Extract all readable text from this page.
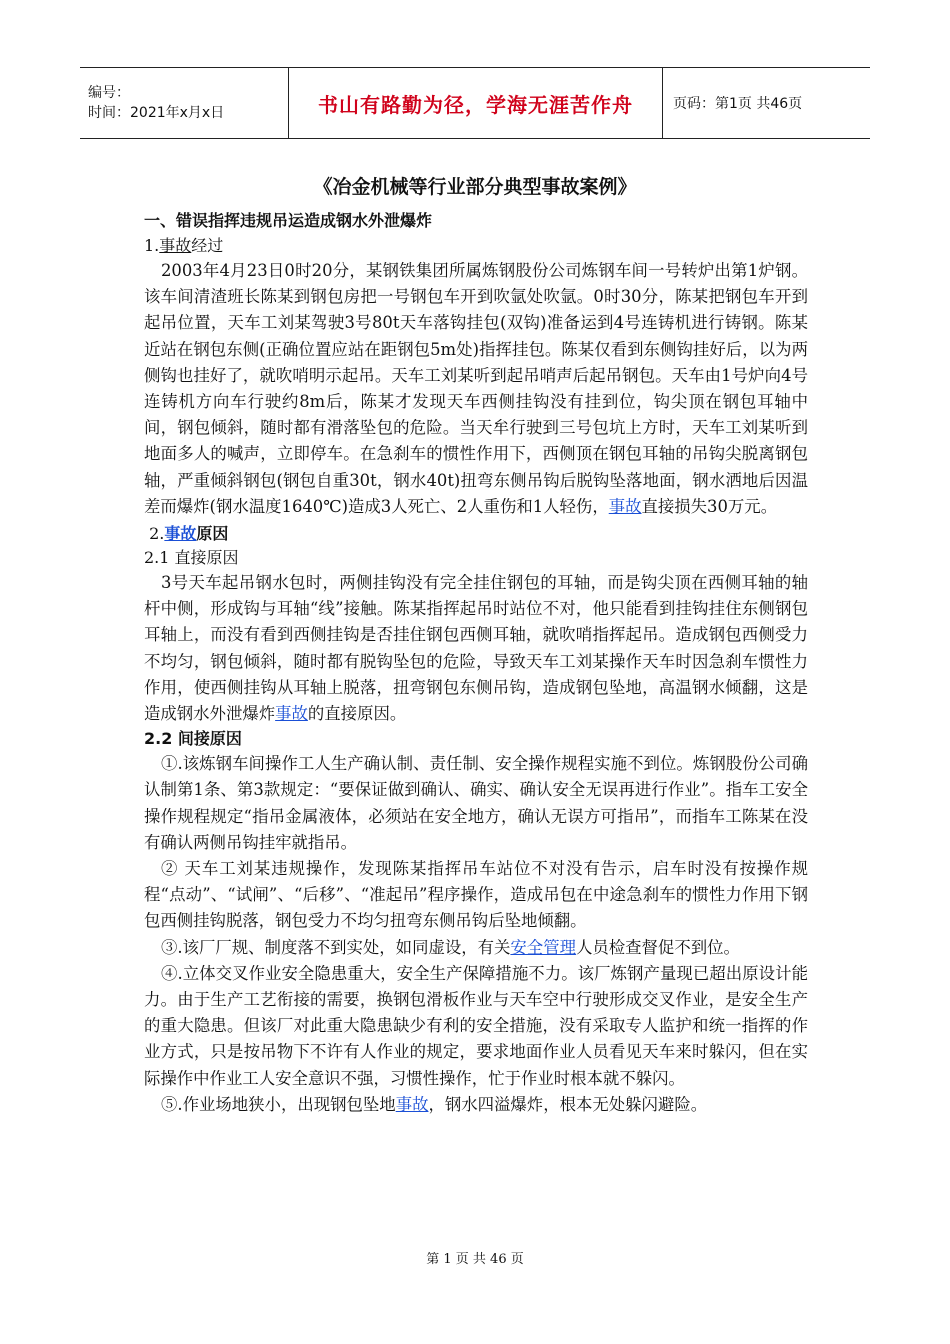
编号：
时间：2021年x月x日	书山有路勤为径，学海无涯苦作舟	页码：第1页 共46页
《冶金机械等行业部分典型事故案例》
一、错误指挥违规吊运造成钢水外泄爆炸
1.事故经过

2003年4月23日0时20分，某钢铁集团所属炼钢股份公司炼钢车间一号转炉出第1炉钢。该车间清渣班长陈某到钢包房把一号钢包车开到吹氩处吹氩。0时30分，陈某把钢包车开到起吊位置，天车工刘某驾驶3号80t天车落钩挂包(双钩)准备运到4号连铸机进行铸钢。陈某近站在钢包东侧(正确位置应站在距钢包5m处)指挥挂包。陈某仅看到东侧钩挂好后，以为两侧钩也挂好了，就吹哨明示起吊。天车工刘某听到起吊哨声后起吊钢包。天车由1号炉向4号连铸机方向车行驶约8m后，陈某才发现天车西侧挂钩没有挂到位，钩尖顶在钢包耳轴中间，钢包倾斜，随时都有滑落坠包的危险。当天牟行驶到三号包坑上方时，天车工刘某听到地面多人的喊声，立即停车。在急刹车的惯性作用下，西侧顶在钢包耳轴的吊钩尖脱离钢包轴，严重倾斜钢包(钢包自重30t，钢水40t)扭弯东侧吊钩后脱钩坠落地面，钢水洒地后因温差而爆炸(钢水温度1640℃)造成3人死亡、2人重伤和1人轻伤，事故直接损失30万元。

2.事故原因
2.1 直接原因

3号天车起吊钢水包时，两侧挂钩没有完全挂住钢包的耳轴，而是钩尖顶在西侧耳轴的轴杆中侧，形成钩与耳轴“线”接触。陈某指挥起吊时站位不对，他只能看到挂钩挂住东侧钢包耳轴上，而没有看到西侧挂钩是否挂住钢包西侧耳轴，就吹哨指挥起吊。造成钢包西侧受力不均匀，钢包倾斜，随时都有脱钩坠包的危险，导致天车工刘某操作天车时因急刹车惯性力作用，使西侧挂钩从耳轴上脱落，扭弯钢包东侧吊钩，造成钢包坠地，高温钢水倾翻，这是造成钢水外泄爆炸事故的直接原因。

2.2 间接原因

①.该炼钢车间操作工人生产确认制、责任制、安全操作规程实施不到位。炼钢股份公司确认制第1条、第3款规定：“要保证做到确认、确实、确认安全无误再进行作业”。指车工安全操作规程规定“指吊金属液体，必须站在安全地方，确认无误方可指吊”，而指车工陈某在没有确认两侧吊钩挂牢就指吊。

② 天车工刘某违规操作，发现陈某指挥吊车站位不对没有告示，启车时没有按操作规程“点动”、“试闸”、“后移”、“准起吊”程序操作，造成吊包在中途急刹车的惯性力作用下钢包西侧挂钩脱落，钢包受力不均匀扭弯东侧吊钩后坠地倾翻。

③.该厂厂规、制度落不到实处，如同虚设，有关安全管理人员检查督促不到位。

④.立体交叉作业安全隐患重大，安全生产保障措施不力。该厂炼钢产量现已超出原设计能力。由于生产工艺衔接的需要，换钢包滑板作业与天车空中行驶形成交叉作业，是安全生产的重大隐患。但该厂对此重大隐患缺少有利的安全措施，没有采取专人监护和统一指挥的作业方式，只是按吊物下不许有人作业的规定，要求地面作业人员看见天车来时躲闪，但在实际操作中作业工人安全意识不强，习惯性操作，忙于作业时根本就不躲闪。

⑤.作业场地狭小，出现钢包坠地事故，钢水四溢爆炸，根本无处躲闪避险。

第 1 页 共 46 页
